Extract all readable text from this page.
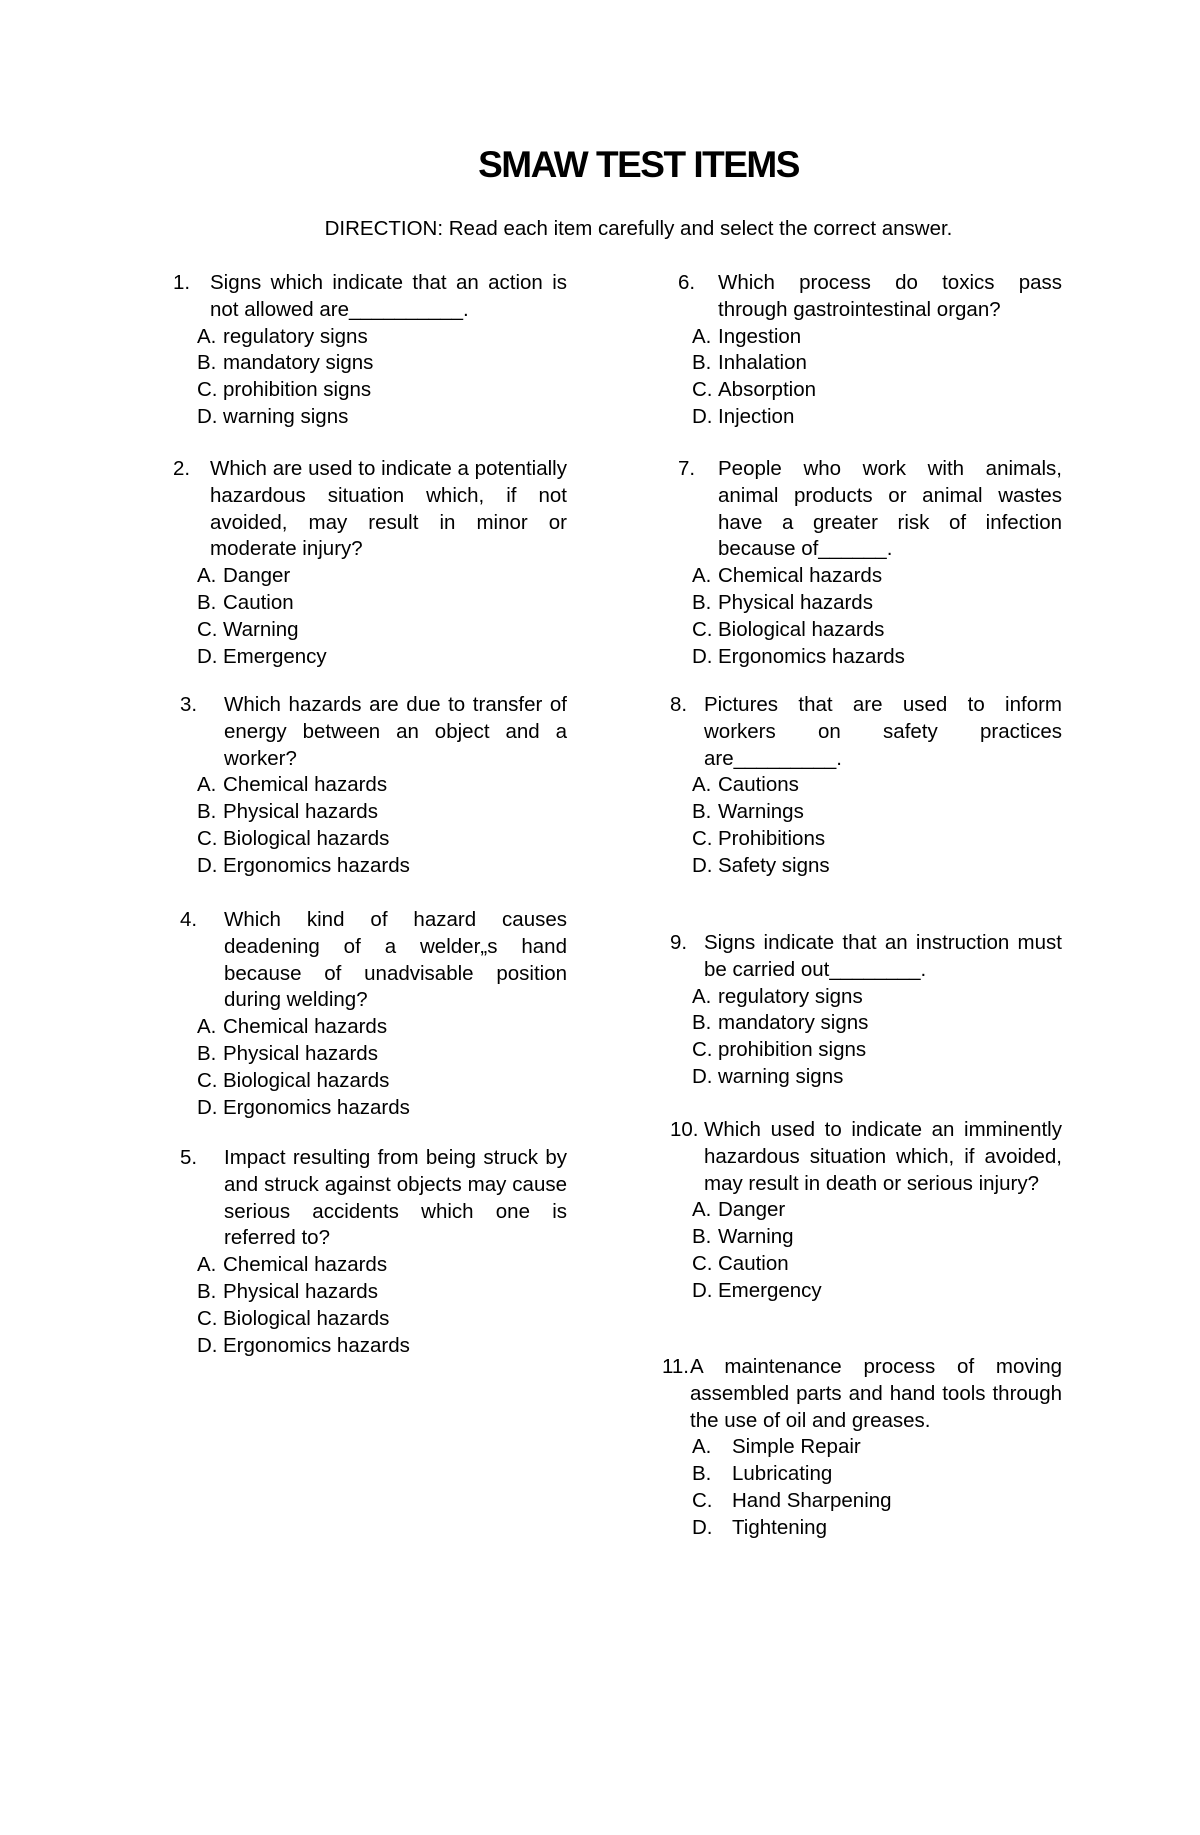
SMAW TEST ITEMS
DIRECTION: Read each item carefully and select the correct answer.
1. Signs which indicate that an action is not allowed are__________.
A. regulatory signs
B. mandatory signs
C. prohibition signs
D. warning signs
2. Which are used to indicate a potentially hazardous situation which, if not avoided, may result in minor or moderate injury?
A. Danger
B. Caution
C. Warning
D. Emergency
3. Which hazards are due to transfer of energy between an object and a worker?
A. Chemical hazards
B. Physical hazards
C. Biological hazards
D. Ergonomics hazards
4. Which kind of hazard causes deadening of a welder„s hand because of unadvisable position during welding?
A. Chemical hazards
B. Physical hazards
C. Biological hazards
D. Ergonomics hazards
5. Impact resulting from being struck by and struck against objects may cause serious accidents which one is referred to?
A. Chemical hazards
B. Physical hazards
C. Biological hazards
D. Ergonomics hazards
6. Which process do toxics pass through gastrointestinal organ?
A. Ingestion
B. Inhalation
C. Absorption
D. Injection
7. People who work with animals, animal products or animal wastes have a greater risk of infection because of______.
A. Chemical hazards
B. Physical hazards
C. Biological hazards
D. Ergonomics hazards
8. Pictures that are used to inform workers on safety practices are_________.
A. Cautions
B. Warnings
C. Prohibitions
D. Safety signs
9. Signs indicate that an instruction must be carried out________.
A. regulatory signs
B. mandatory signs
C. prohibition signs
D. warning signs
10. Which used to indicate an imminently hazardous situation which, if avoided, may result in death or serious injury?
A. Danger
B. Warning
C. Caution
D. Emergency
11. A maintenance process of moving assembled parts and hand tools through the use of oil and greases.
A. Simple Repair
B. Lubricating
C. Hand Sharpening
D. Tightening
